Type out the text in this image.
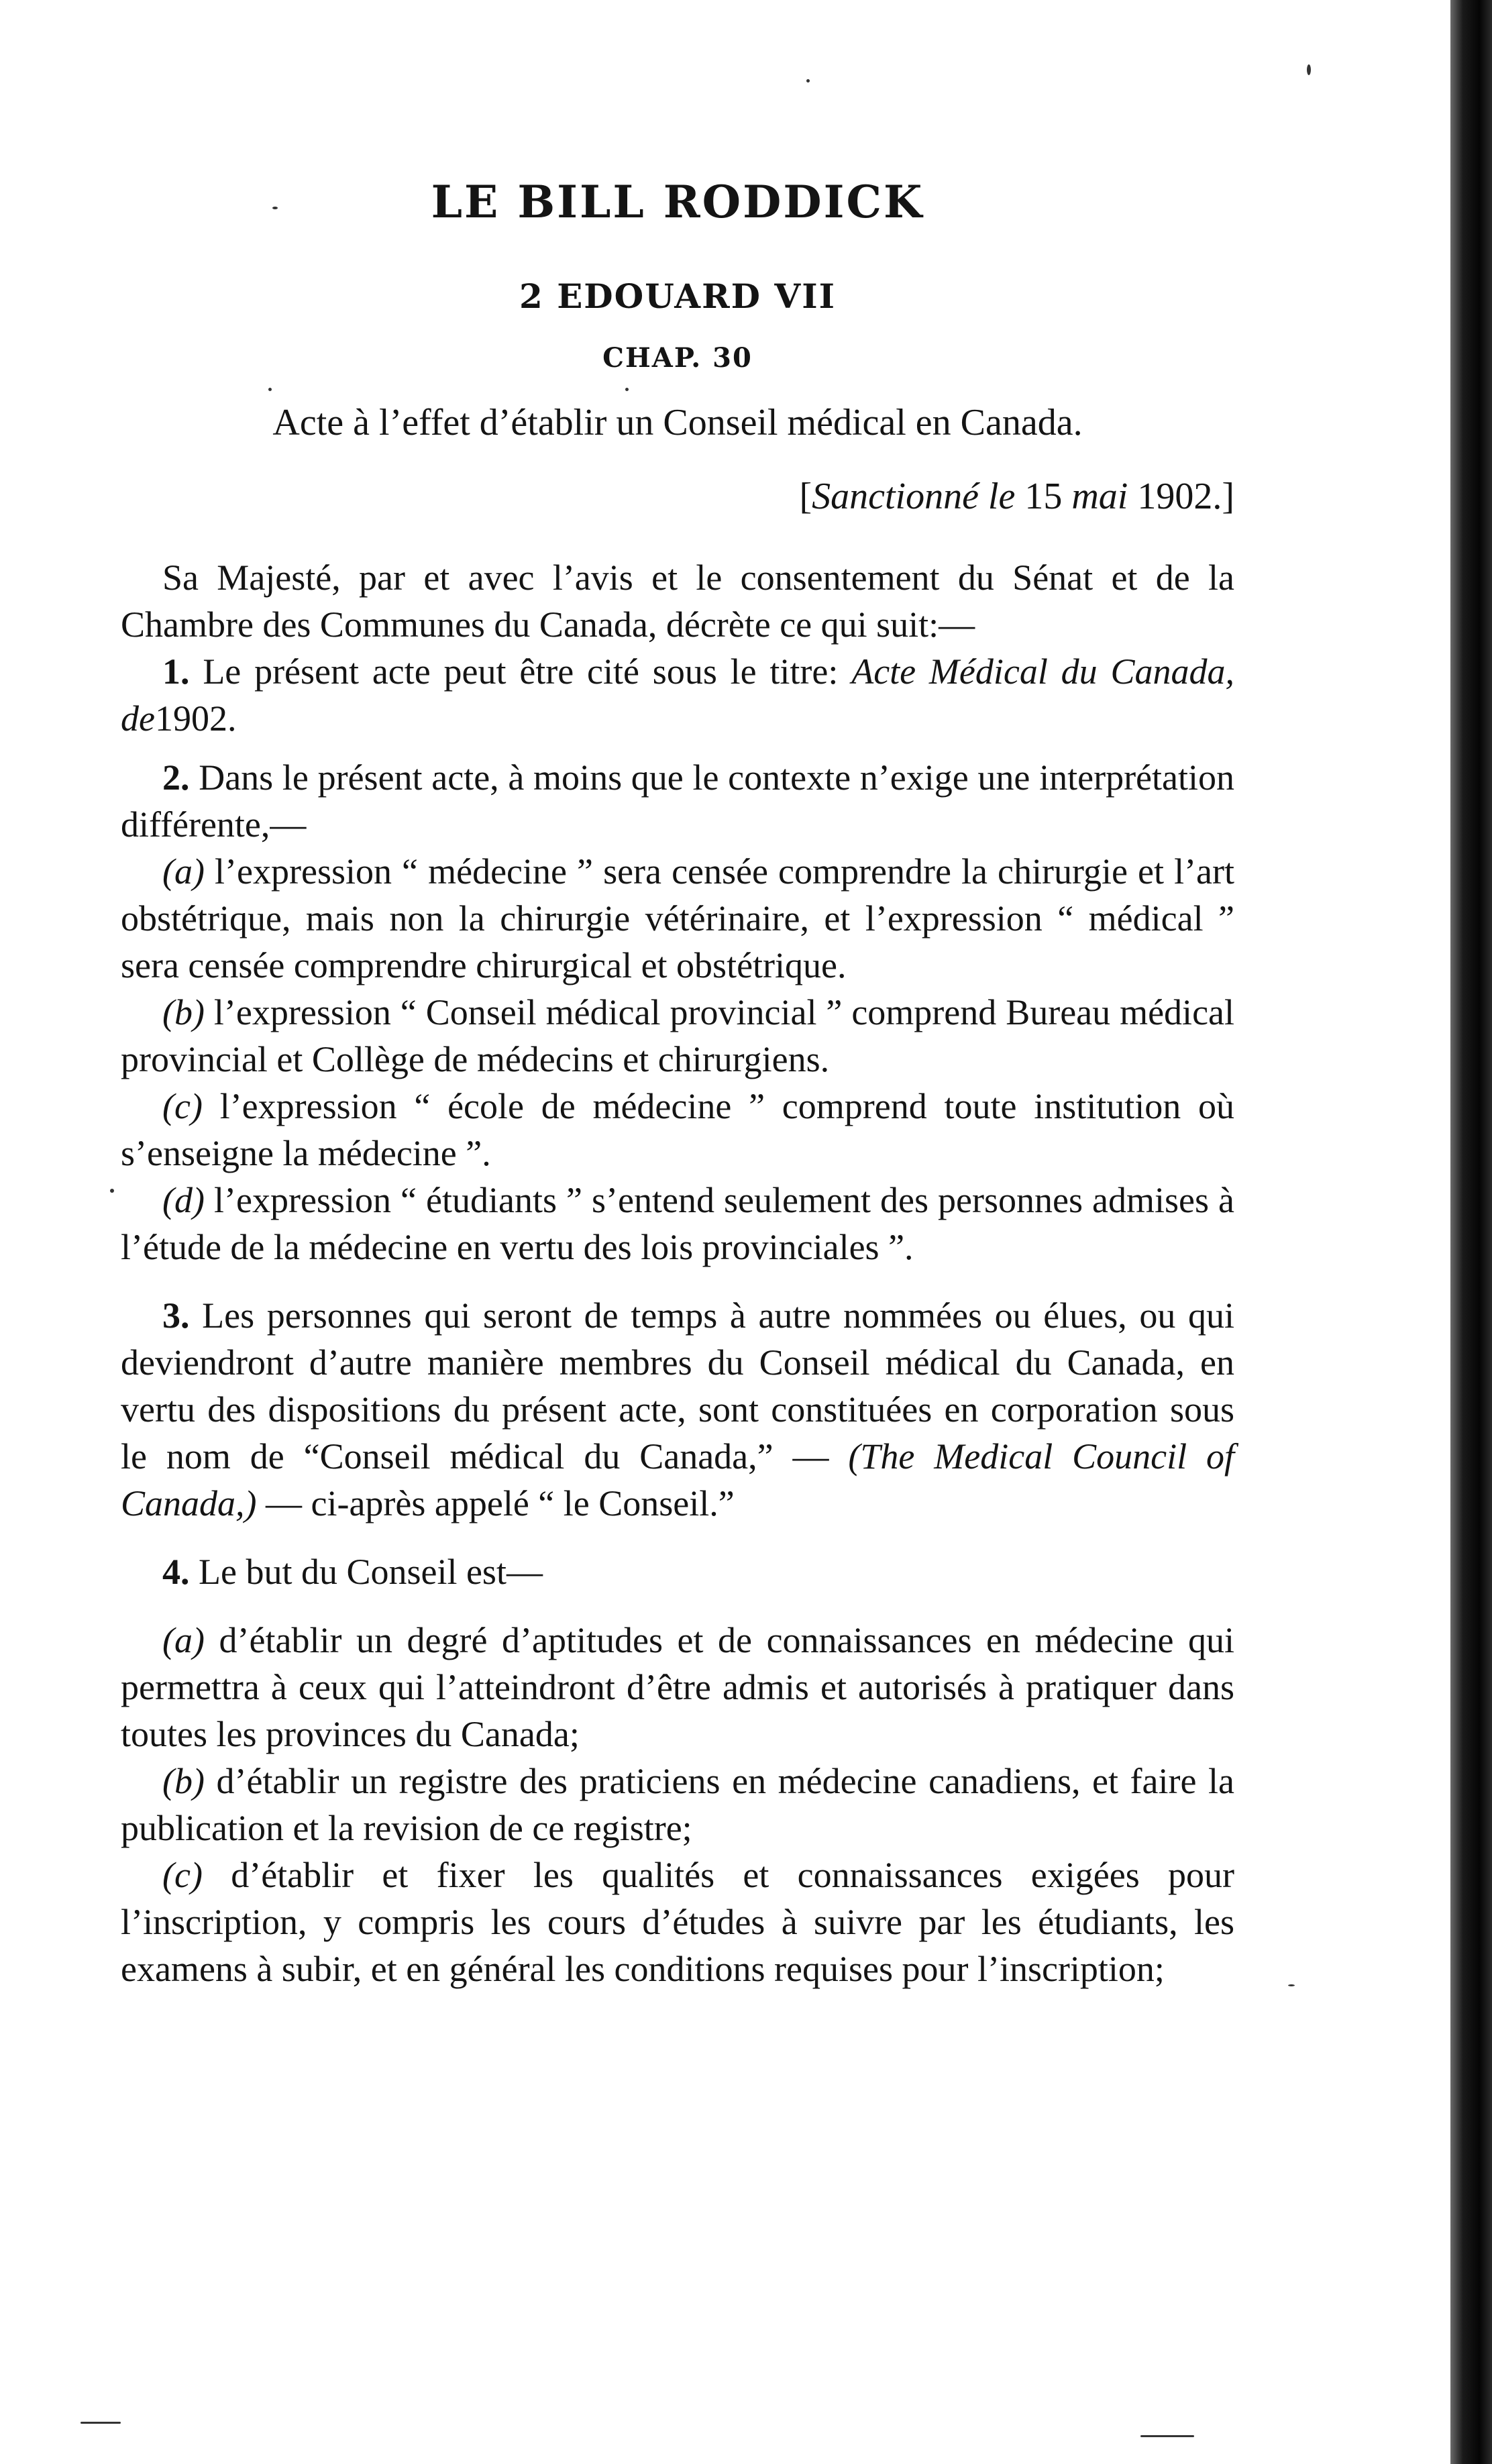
LE BILL RODDICK
2 EDOUARD VII
CHAP. 30
Acte à l’effet d’établir un Conseil médical en Canada.
[Sanctionné le 15 mai 1902.]

Sa Majesté, par et avec l’avis et le consentement du Sénat et de la Chambre des Communes du Canada, décrète ce qui suit:—

1. Le présent acte peut être cité sous le titre: Acte Médical du Canada, de1902.

2. Dans le présent acte, à moins que le contexte n’exige une interprétation différente,—

(a) l’expression “ médecine ” sera censée comprendre la chirurgie et l’art obstétrique, mais non la chirurgie vétérinaire, et l’expression “ médical ” sera censée comprendre chirurgical et obstétrique.

(b) l’expression “ Conseil médical provincial ” comprend Bureau médical provincial et Collège de médecins et chirurgiens.

(c) l’expression “ école de médecine ” comprend toute institution où s’enseigne la médecine ”.

(d) l’expression “ étudiants ” s’entend seulement des personnes admises à l’étude de la médecine en vertu des lois provinciales ”.

3. Les personnes qui seront de temps à autre nommées ou élues, ou qui deviendront d’autre manière membres du Conseil médical du Canada, en vertu des dispositions du présent acte, sont constituées en corporation sous le nom de “Conseil médical du Canada,” — (The Medical Council of Canada,) — ci-après appelé “ le Conseil.”

4. Le but du Conseil est—

(a) d’établir un degré d’aptitudes et de connaissances en médecine qui permettra à ceux qui l’atteindront d’être admis et autorisés à pratiquer dans toutes les provinces du Canada;

(b) d’établir un registre des praticiens en médecine canadiens, et faire la publication et la revision de ce registre;

(c) d’établir et fixer les qualités et connaissances exigées pour l’inscription, y compris les cours d’études à suivre par les étudiants, les examens à subir, et en général les conditions requises pour l’inscription;
